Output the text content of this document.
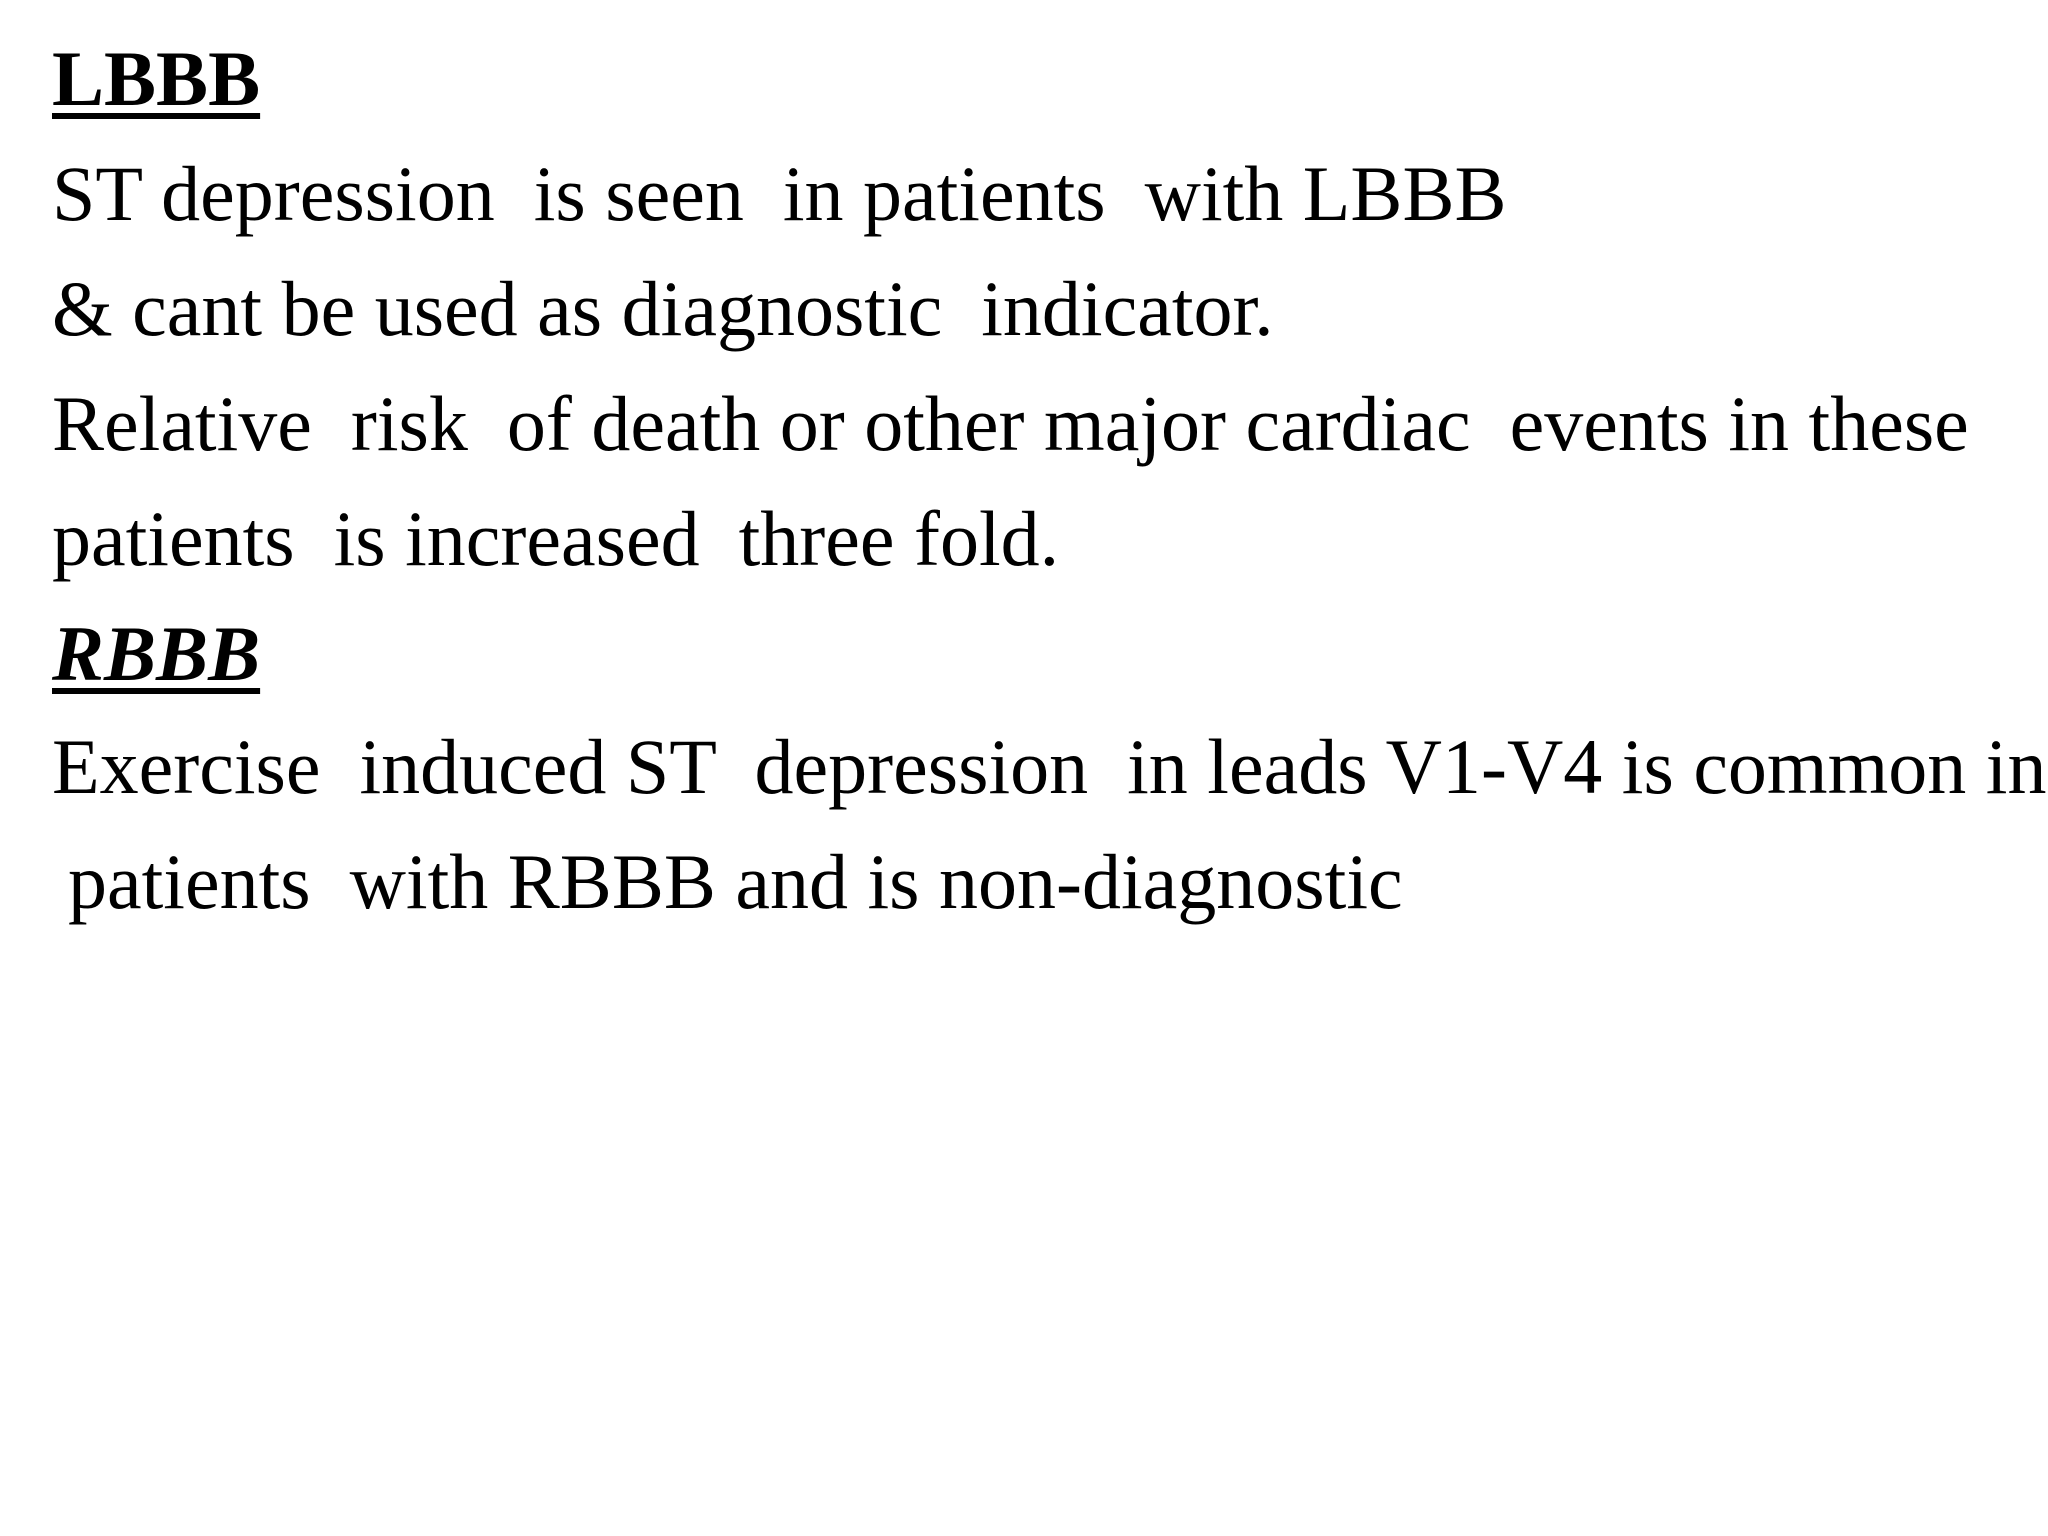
LBBB

ST depression  is seen  in patients  with LBBB

& cant be used as diagnostic  indicator.

Relative  risk  of death or other major cardiac  events in these

patients  is increased  three fold.

RBBB

Exercise  induced ST  depression  in leads V1-V4 is common in

patients  with RBBB and is non-diagnostic
